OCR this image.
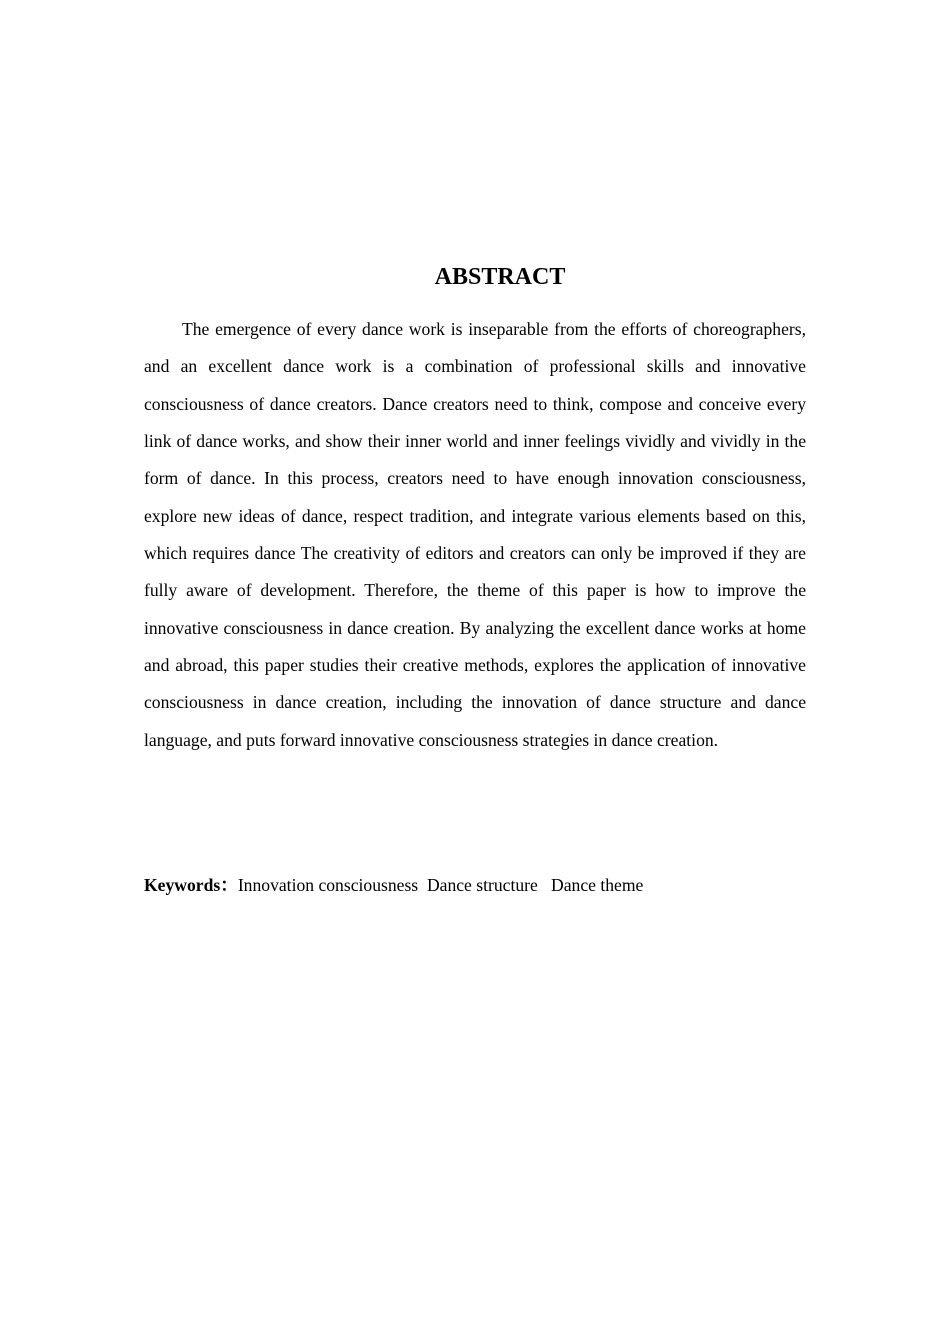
ABSTRACT

The emergence of every dance work is inseparable from the efforts of choreographers, and an excellent dance work is a combination of professional skills and innovative consciousness of dance creators. Dance creators need to think, compose and conceive every link of dance works, and show their inner world and inner feelings vividly and vividly in the form of dance. In this process, creators need to have enough innovation consciousness, explore new ideas of dance, respect tradition, and integrate various elements based on this, which requires dance The creativity of editors and creators can only be improved if they are fully aware of development. Therefore, the theme of this paper is how to improve the innovative consciousness in dance creation. By analyzing the excellent dance works at home and abroad, this paper studies their creative methods, explores the application of innovative consciousness in dance creation, including the innovation of dance structure and dance language, and puts forward innovative consciousness strategies in dance creation.

Keywords：Innovation consciousness Dance structure Dance theme
